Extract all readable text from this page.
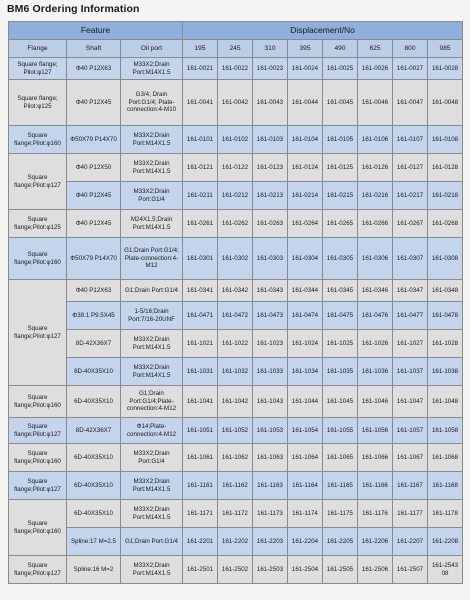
BM6 Ordering Information
Feature			Displacement/No							
Flange	Shaft	Oil port	195	245	310	395	490	625	800	985
Square flange; Pilot:φ127	Φ40 P12X63	M33X2;Drain Port:M14X1.5	161-0021	161-0022	161-0023	161-0024	161-0025	161-0026	161-0027	161-0028
Square flange; Pilot:φ125	Φ40 P12X45	G3/4; Drain Port:G1/4; Plate-connection:4-M10	161-0041	161-0042	161-0043	161-0044	161-0045	161-0046	161-0047	161-0048
Square flange;Pilot:φ160	Φ50X79 P14X70	M33X2;Drain Port:M14X1.5	161-0101	161-0102	161-0103	161-0104	161-0105	161-0106	161-0107	161-0108
Square flange;Pilot:φ127	Φ40 P12X50	M33X2;Drain Port:M14X1.5	161-0121	161-0122	161-0123	161-0124	161-0125	161-0126	161-0127	161-0128
	Φ40 P12X45	M33X2;Drain Port:G1/4	161-0211	161-0212	161-0213	161-0214	161-0215	161-0216	161-0217	161-0218
Square flange;Pilot:φ125	Φ40 P12X45	M24X1.5;Drain Port:M14X1.5	161-0261	161-0262	161-0263	161-0264	161-0265	161-0266	161-0267	161-0268
Square flange;Pilot:φ160	Φ50X79 P14X70	G1;Drain Port:G1/4; Plate-connection:4-M12	161-0301	161-0302	161-0303	161-0304	161-0305	161-0306	161-0307	161-0308
Square flange;Pilot:φ127	Φ40 P12X63	G1;Drain Port:G1/4	161-0341	161-0342	161-0343	161-0344	161-0345	161-0346	161-0347	161-0348
	Φ38.1 P9.5X45	1-5/16;Drain Port:7/16-20UNF	161-0471	161-0472	161-0473	161-0474	161-0475	161-0476	161-0477	161-0478
	8D-42X36X7	M33X2;Drain Port:M14X1.5	161-1021	161-1022	161-1023	161-1024	161-1025	161-1026	161-1027	161-1028
	8D-40X35X10	M33X2;Drain Port:M14X1.5	161-1031	161-1032	161-1033	161-1034	161-1035	161-1036	161-1037	161-1038
Square flange;Pilot:φ160	6D-40X35X10	G1;Drain Port:G1/4;Plate-connection:4-M12	161-1041	161-1042	161-1043	161-1044	161-1045	161-1046	161-1047	161-1048
Square flange;Pilot:φ127	8D-42X36X7	Φ14;Plate-connection:4-M12	161-1051	161-1052	161-1053	161-1054	161-1055	161-1056	161-1057	161-1058
Square flange;Pilot:φ160	6D-40X35X10	M33X2;Drain Port:G1/4	161-1061	161-1062	161-1063	161-1064	161-1065	161-1066	161-1067	161-1068
Square flange;Pilot:φ127	6D-40X35X10	M33X2;Drain Port:M14X1.5	161-1161	161-1162	161-1163	161-1164	161-1165	161-1166	161-1167	161-1168
Square flange;Pilot:φ160	6D-40X35X10	M33X2;Drain Port:M14X1.5	161-1171	161-1172	161-1173	161-1174	161-1175	161-1176	161-1177	161-1178
	Spline:17 M=2.5	G1;Drain Port:G1/4	161-2201	161-2202	161-2203	161-2204	161-2205	161-2206	161-2207	161-2208
Square flange;Pilot:φ127	Spline:16 M=2	M33X2;Drain Port:M14X1.5	161-2501	161-2502	161-2503	161-2504	161-2505	161-2506	161-2507	161-2543 08
